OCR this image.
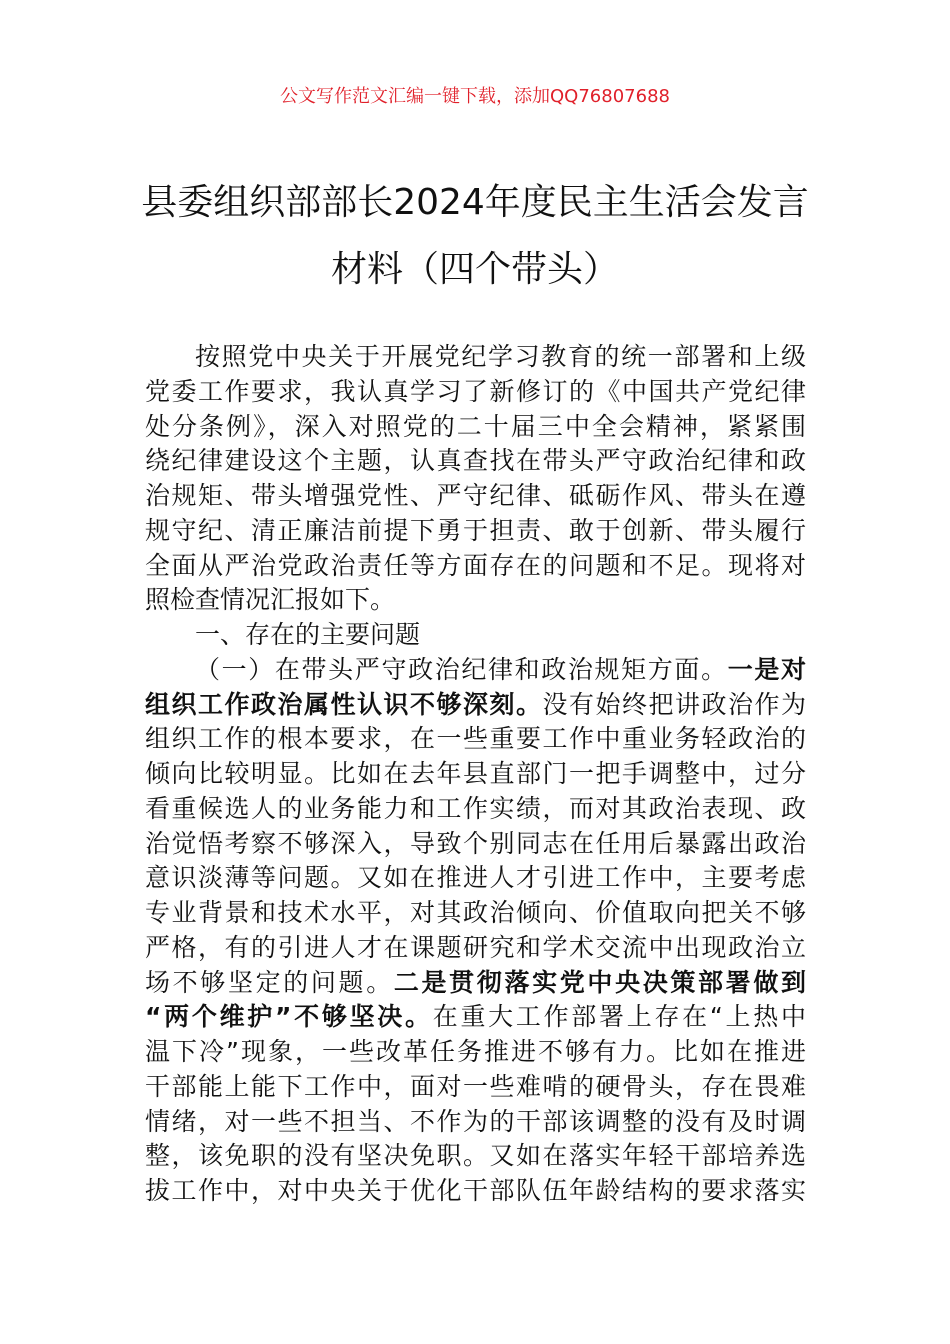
公文写作范文汇编一键下载，添加QQ76807688
县委组织部部长2024年度民主生活会发言
材料（四个带头）
按照党中央关于开展党纪学习教育的统一部署和上级
党委工作要求，我认真学习了新修订的《中国共产党纪律
处分条例》，深入对照党的二十届三中全会精神，紧紧围
绕纪律建设这个主题，认真查找在带头严守政治纪律和政
治规矩、带头增强党性、严守纪律、砥砺作风、带头在遵
规守纪、清正廉洁前提下勇于担责、敢于创新、带头履行
全面从严治党政治责任等方面存在的问题和不足。现将对
照检查情况汇报如下。
一、存在的主要问题
（一）在带头严守政治纪律和政治规矩方面。一是对
组织工作政治属性认识不够深刻。没有始终把讲政治作为
组织工作的根本要求，在一些重要工作中重业务轻政治的
倾向比较明显。比如在去年县直部门一把手调整中，过分
看重候选人的业务能力和工作实绩，而对其政治表现、政
治觉悟考察不够深入，导致个别同志在任用后暴露出政治
意识淡薄等问题。又如在推进人才引进工作中，主要考虑
专业背景和技术水平，对其政治倾向、价值取向把关不够
严格，有的引进人才在课题研究和学术交流中出现政治立
场不够坚定的问题。二是贯彻落实党中央决策部署做到
“两个维护”不够坚决。在重大工作部署上存在“上热中
温下冷”现象，一些改革任务推进不够有力。比如在推进
干部能上能下工作中，面对一些难啃的硬骨头，存在畏难
情绪，对一些不担当、不作为的干部该调整的没有及时调
整，该免职的没有坚决免职。又如在落实年轻干部培养选
拔工作中，对中央关于优化干部队伍年龄结构的要求落实
